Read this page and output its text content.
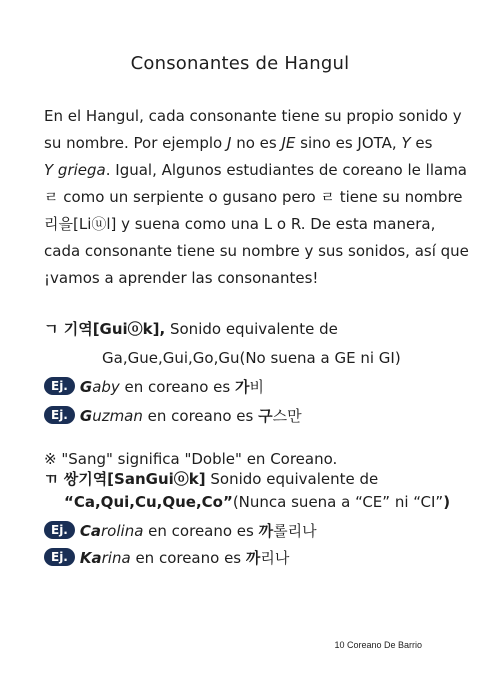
Consonantes de Hangul
En el Hangul, cada consonante tiene su propio sonido y
su nombre. Por ejemplo J no es JE sino es JOTA, Y es
Y griega. Igual, Algunos estudiantes de coreano le llama
ㄹ como un serpiente o gusano pero ㄹ tiene su nombre
리을[Liⓤl] y suena como una L o R. De esta manera,
cada consonante tiene su nombre y sus sonidos, así que
¡vamos a aprender las consonantes!
ㄱ 기역[Guiⓞk], Sonido equivalente de
Ga,Gue,Gui,Go,Gu(No suena a GE ni GI)
Ej. Gaby en coreano es 가비
Ej. Guzman en coreano es 구스만
※ "Sang" significa "Doble" en Coreano.
ㄲ 쌍기역[SanGuiⓞk] Sonido equivalente de
“Ca,Qui,Cu,Que,Co”(Nunca suena a “CE” ni “CI”)
Ej. Carolina en coreano es 까롤리나
Ej. Karina en coreano es 까리나
10 Coreano De Barrio
